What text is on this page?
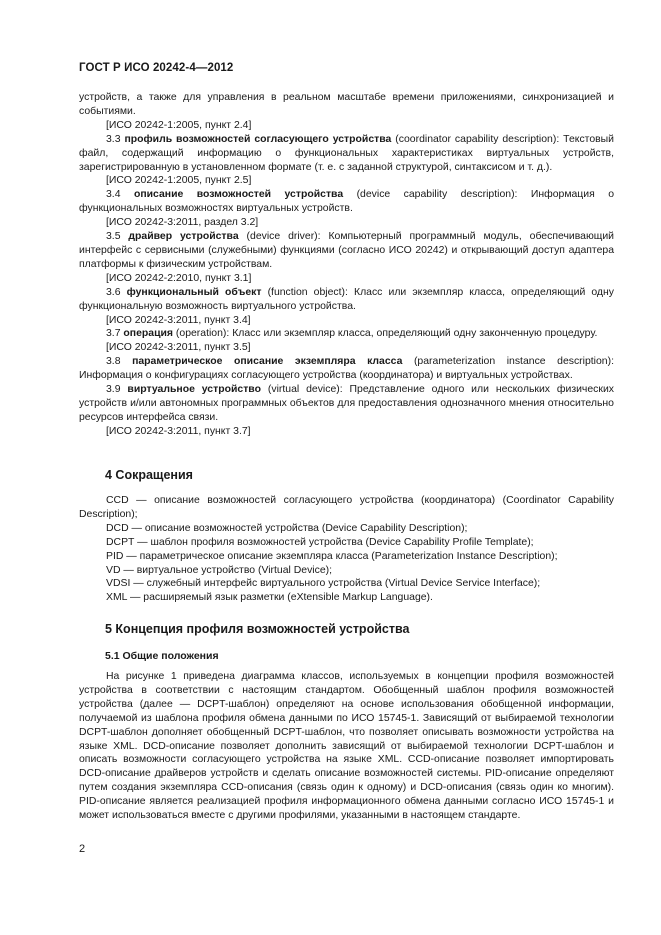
ГОСТ Р ИСО 20242-4—2012

устройств, а также для управления в реальном масштабе времени приложениями, синхронизацией и событиями.

[ИСО 20242-1:2005, пункт 2.4]

3.3 профиль возможностей согласующего устройства (coordinator capability description): Текстовый файл, содержащий информацию о функциональных характеристиках виртуальных устройств, зарегистрированную в установленном формате (т. е. с заданной структурой, синтаксисом и т. д.).

[ИСО 20242-1:2005, пункт 2.5]

3.4 описание возможностей устройства (device capability description): Информация о функциональных возможностях виртуальных устройств.

[ИСО 20242-3:2011, раздел 3.2]

3.5 драйвер устройства (device driver): Компьютерный программный модуль, обеспечивающий интерфейс с сервисными (служебными) функциями (согласно ИСО 20242) и открывающий доступ адаптера платформы к физическим устройствам.

[ИСО 20242-2:2010, пункт 3.1]

3.6 функциональный объект (function object): Класс или экземпляр класса, определяющий одну функциональную возможность виртуального устройства.

[ИСО 20242-3:2011, пункт 3.4]

3.7 операция (operation): Класс или экземпляр класса, определяющий одну законченную процедуру.

[ИСО 20242-3:2011, пункт 3.5]

3.8 параметрическое описание экземпляра класса (parameterization instance description): Информация о конфигурациях согласующего устройства (координатора) и виртуальных устройствах.

3.9 виртуальное устройство (virtual device): Представление одного или нескольких физических устройств и/или автономных программных объектов для предоставления однозначного мнения относительно ресурсов интерфейса связи.

[ИСО 20242-3:2011, пункт 3.7]

4 Сокращения

CCD — описание возможностей согласующего устройства (координатора) (Coordinator Capability Description);

DCD — описание возможностей устройства (Device Capability Description);

DCPT — шаблон профиля возможностей устройства (Device Capability Profile Template);

PID — параметрическое описание экземпляра класса (Parameterization Instance Description);

VD — виртуальное устройство (Virtual Device);

VDSI — служебный интерфейс виртуального устройства (Virtual Device Service Interface);

XML — расширяемый язык разметки (eXtensible Markup Language).

5 Концепция профиля возможностей устройства
5.1 Общие положения

На рисунке 1 приведена диаграмма классов, используемых в концепции профиля возможностей устройства в соответствии с настоящим стандартом. Обобщенный шаблон профиля возможностей устройства (далее — DCPT-шаблон) определяют на основе использования обобщенной информации, получаемой из шаблона профиля обмена данными по ИСО 15745-1. Зависящий от выбираемой технологии DCPT-шаблон дополняет обобщенный DCPT-шаблон, что позволяет описывать возможности устройства на языке XML. DCD-описание позволяет дополнить зависящий от выбираемой технологии DCPT-шаблон и описать возможности согласующего устройства на языке XML. CCD-описание позволяет импортировать DCD-описание драйверов устройств и сделать описание возможностей системы. PID-описание определяют путем создания экземпляра CCD-описания (связь один к одному) и DCD-описания (связь один ко многим). PID-описание является реализацией профиля информационного обмена данными согласно ИСО 15745-1 и может использоваться вместе с другими профилями, указанными в настоящем стандарте.

2
